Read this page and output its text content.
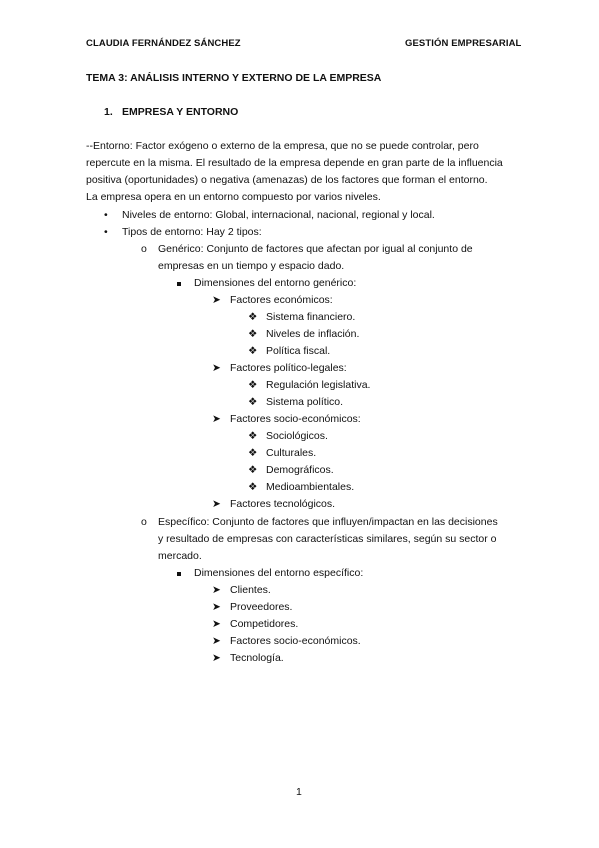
CLAUDIA FERNÁNDEZ SÁNCHEZ	GESTIÓN EMPRESARIAL
TEMA 3: ANÁLISIS INTERNO Y EXTERNO DE LA EMPRESA
1. EMPRESA Y ENTORNO
--Entorno: Factor exógeno o externo de la empresa, que no se puede controlar, pero
repercute en la misma. El resultado de la empresa depende en gran parte de la influencia
positiva (oportunidades) o negativa (amenazas) de los factores que forman el entorno.
La empresa opera en un entorno compuesto por varios niveles.
• Niveles de entorno: Global, internacional, nacional, regional y local.
• Tipos de entorno: Hay 2 tipos:
o Genérico: Conjunto de factores que afectan por igual al conjunto de
empresas en un tiempo y espacio dado.
Dimensiones del entorno genérico:
➤ Factores económicos:
❖ Sistema financiero.
❖ Niveles de inflación.
❖ Política fiscal.
➤ Factores político-legales:
❖ Regulación legislativa.
❖ Sistema político.
➤ Factores socio-económicos:
❖ Sociológicos.
❖ Culturales.
❖ Demográficos.
❖ Medioambientales.
➤ Factores tecnológicos.
o Específico: Conjunto de factores que influyen/impactan en las decisiones
y resultado de empresas con características similares, según su sector o
mercado.
Dimensiones del entorno específico:
➤ Clientes.
➤ Proveedores.
➤ Competidores.
➤ Factores socio-económicos.
➤ Tecnología.
1
